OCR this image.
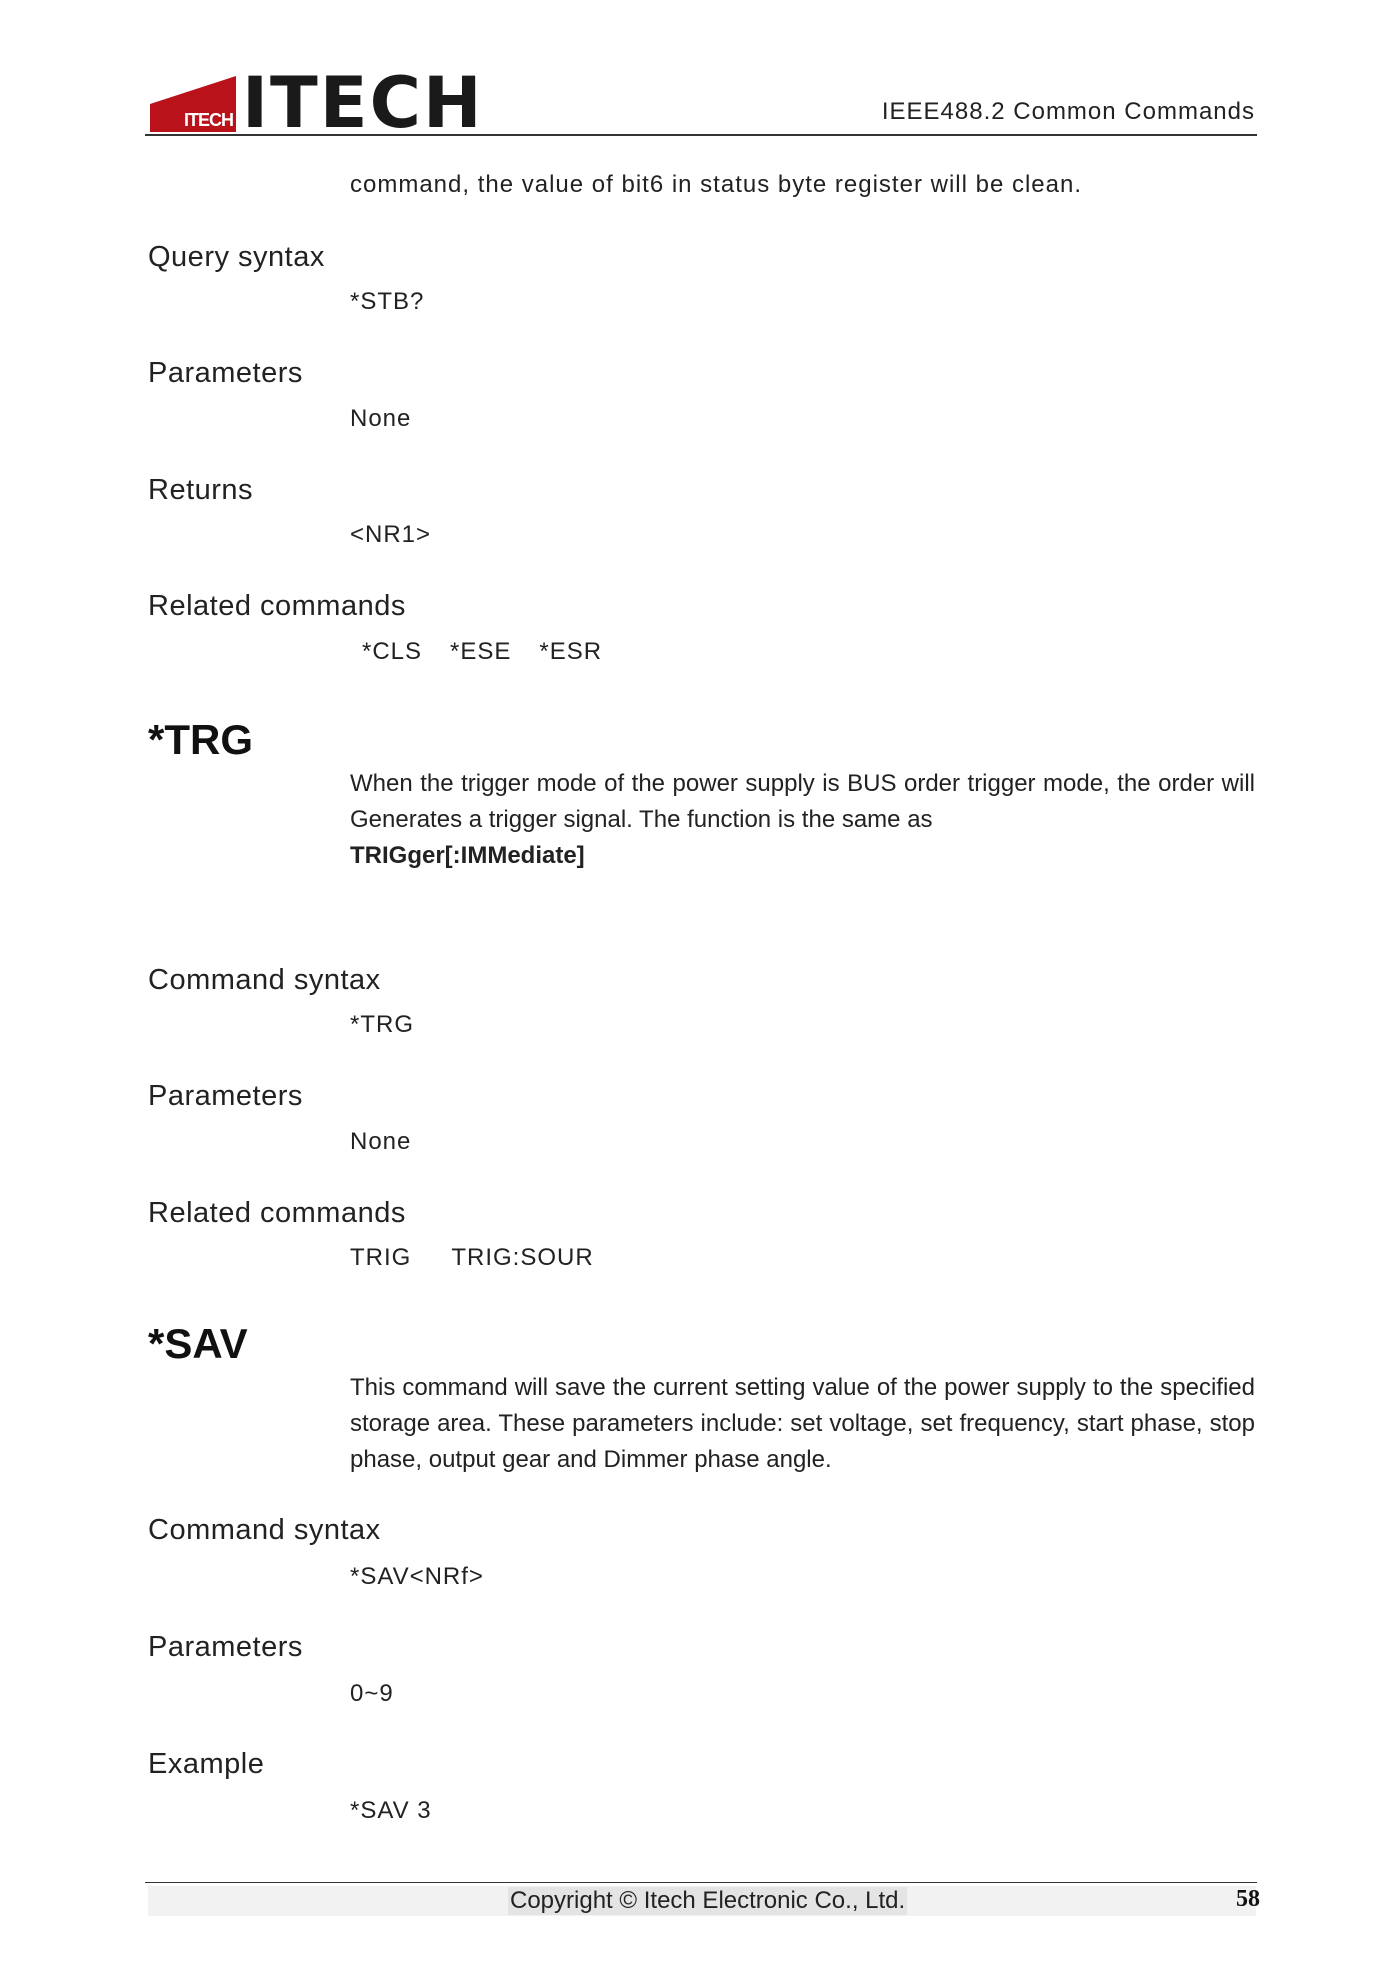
ITECH ITECH	IEEE488.2 Common Commands
command, the value of bit6 in status byte register will be clean.
Query syntax
*STB?
Parameters
None
Returns
<NR1>
Related commands
*CLS *ESE *ESR
*TRG
When the trigger mode of the power supply is BUS order trigger mode, the order will Generates a trigger signal. The function is the same as
TRIGger[:IMMediate]
Command syntax
*TRG
Parameters
None
Related commands
TRIG TRIG:SOUR
*SAV
This command will save the current setting value of the power supply to the specified storage area. These parameters include: set voltage, set frequency, start phase, stop phase, output gear and Dimmer phase angle.
Command syntax
*SAV<NRf>
Parameters
0~9
Example
*SAV 3
Copyright © Itech Electronic Co., Ltd.	58
